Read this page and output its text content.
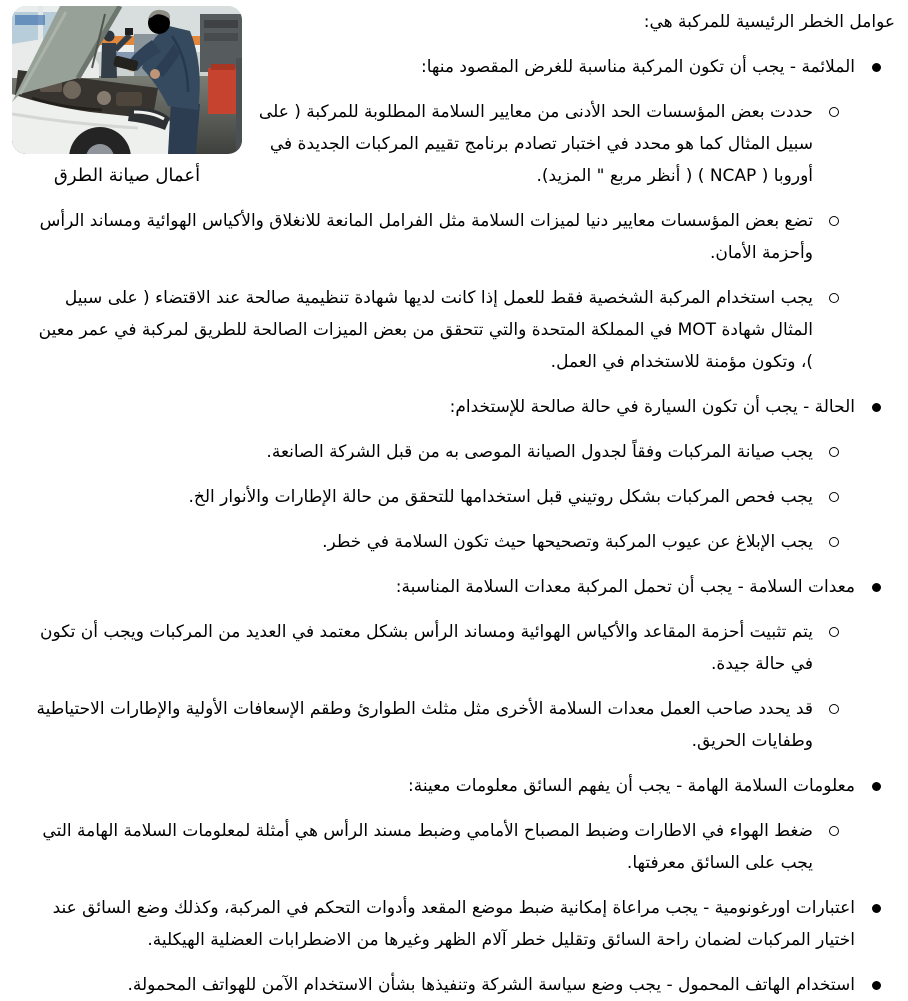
أعمال صيانة الطرق

عوامل الخطر الرئيسية للمركبة هي:

الملائمة - يجب أن تكون المركبة مناسبة للغرض المقصود منها:
حددت بعض المؤسسات الحد الأدنى من معايير السلامة المطلوبة للمركبة ( على سبيل المثال كما هو محدد في اختبار تصادم برنامج تقييم المركبات الجديدة في أوروبا ( NCAP ) ( أنظر مربع " المزيد).
تضع بعض المؤسسات معايير دنيا لميزات السلامة مثل الفرامل المانعة للانغلاق والأكياس الهوائية ومساند الرأس وأحزمة الأمان.
يجب استخدام المركبة الشخصية فقط للعمل إذا كانت لديها شهادة تنظيمية صالحة عند الاقتضاء ( على سبيل المثال شهادة MOT في المملكة المتحدة والتي تتحقق من بعض الميزات الصالحة للطريق لمركبة في عمر معين )، وتكون مؤمنة للاستخدام في العمل.
الحالة - يجب أن تكون السيارة في حالة صالحة للإستخدام:
يجب صيانة المركبات وفقاً لجدول الصيانة الموصى به من قبل الشركة الصانعة.
يجب فحص المركبات بشكل روتيني قبل استخدامها للتحقق من حالة الإطارات والأنوار الخ.
يجب الإبلاغ عن عيوب المركبة وتصحيحها حيث تكون السلامة في خطر.
معدات السلامة - يجب أن تحمل المركبة معدات السلامة المناسبة:
يتم تثبيت أحزمة المقاعد والأكياس الهوائية ومساند الرأس بشكل معتمد في العديد من المركبات ويجب أن تكون في حالة جيدة.
قد يحدد صاحب العمل معدات السلامة الأخرى مثل مثلث الطوارئ وطقم الإسعافات الأولية والإطارات الاحتياطية وطفايات الحريق.
معلومات السلامة الهامة - يجب أن يفهم السائق معلومات معينة:
ضغط الهواء في الاطارات وضبط المصباح الأمامي وضبط مسند الرأس هي أمثلة لمعلومات السلامة الهامة التي يجب على السائق معرفتها.
اعتبارات اورغونومية - يجب مراعاة إمكانية ضبط موضع المقعد وأدوات التحكم في المركبة، وكذلك وضع السائق عند اختيار المركبات لضمان راحة السائق وتقليل خطر آلام الظهر وغيرها من الاضطرابات العضلية الهيكلية.
استخدام الهاتف المحمول - يجب وضع سياسة الشركة وتنفيذها بشأن الاستخدام الآمن للهواتف المحمولة.
